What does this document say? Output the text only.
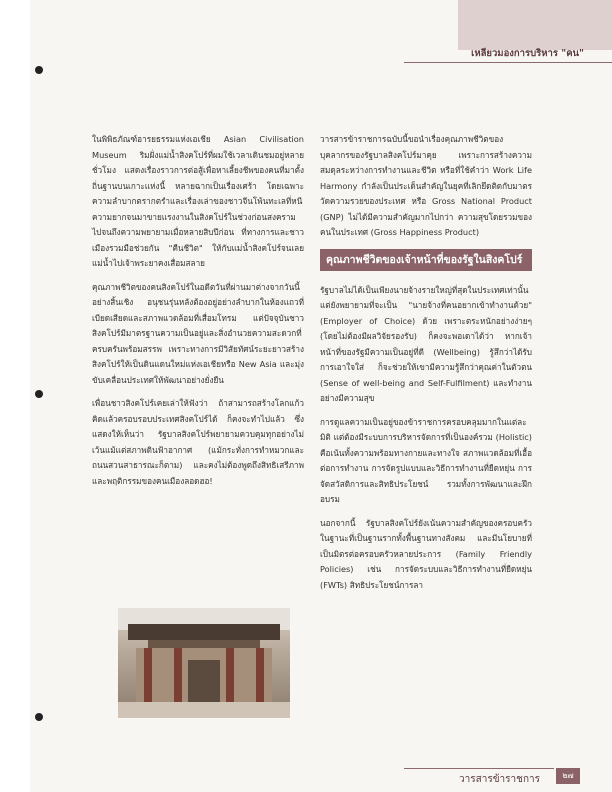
เหลียวมองการบริหาร "คน"

ในพิพิธภัณฑ์อารยธรรมแห่งเอเชีย Asian Civilisation Museum ริมฝั่งแม่น้ำสิงคโปร์ที่ผมใช้เวลาเดินชมอยู่หลายชั่วโมง แสดงเรื่องราวการต่อสู้เพื่อหาเลี้ยงชีพของคนที่มาตั้งถิ่นฐานบนเกาะแห่งนี้ หลายฉากเป็นเรื่องเศร้า โดยเฉพาะความลำบากตรากตรำและเรื่องเล่าของชาวจีนโพ้นทะเลที่หนีความยากจนมาขายแรงงานในสิงคโปร์ในช่วงก่อนสงคราม ไปจนถึงความพยายามเมื่อหลายสิบปีก่อน ที่ทางการและชาวเมืองรวมมือช่วยกัน "คืนชีวิต" ให้กับแม่น้ำสิงคโปร์จนเลยแม่น้ำไปเจ้าพระยาคงเสื่อมสลาย

คุณภาพชีวิตของคนสิงคโปร์ในอดีตวันที่ผ่านมาต่างจากวันนี้อย่างสิ้นเชิง อนุชนรุ่นหลังต้องอยู่อย่างลำบากในห้องแถวที่เบียดเสียดและสภาพแวดล้อมที่เสื่อมโทรม แต่ปัจจุบันชาวสิงคโปร์มีมาตรฐานความเป็นอยู่และสิ่งอำนวยความสะดวกที่ครบครันพร้อมสรรพ เพราะทางการมีวิสัยทัศน์ระยะยาวสร้างสิงคโปร์ให้เป็นดินแดนใหม่แห่งเอเชียหรือ New Asia และมุ่งขับเคลื่อนประเทศให้พัฒนาอย่างยั่งยืน

เพื่อนชาวสิงคโปร์เคยเล่าให้ฟังว่า ถ้าสามารถสร้างโลกแก้วคิดแล้วครอบรอบประเทศสิงคโปร์ได้ ก็คงจะทำไปแล้ว ซึ่งแสดงให้เห็นว่า รัฐบาลสิงคโปร์พยายามควบคุมทุกอย่างไม่เว้นแม้แต่สภาพดินฟ้าอากาศ (แม้กระทั่งการทำหมวกและถนนสวนสาธารณะก็ตาม) และคงไม่ต้องพูดถึงสิทธิเสรีภาพและพฤติกรรมของคนเมืองลอดฮอ!

วารสารข้าราชการฉบับนี้ขอนำเรื่องคุณภาพชีวิตของบุคลากรของรัฐบาลสิงคโปร์มาคุย เพราะการสร้างความสมดุลระหว่างการทำงานและชีวิต หรือที่ใช้คำว่า Work Life Harmony กำลังเป็นประเด็นสำคัญในยุคที่เลิกยึดติดกับมาตรวัดความรวยของประเทศ หรือ Gross National Product (GNP) ไม่ได้มีความสำคัญมากไปกว่า ความสุขโดยรวมของคนในประเทศ (Gross Happiness Product)

คุณภาพชีวิตของเจ้าหน้าที่ของรัฐในสิงคโปร์

รัฐบาลไม่ได้เป็นเพียงนายจ้างรายใหญ่ที่สุดในประเทศเท่านั้น แต่ยังพยายามที่จะเป็น "นายจ้างที่คนอยากเข้าทำงานด้วย" (Employer of Choice) ด้วย เพราะตระหนักอย่างง่ายๆ (โดยไม่ต้องมีผลวิจัยรองรับ) ก็คงจะพอเดาได้ว่า หากเจ้าหน้าที่ของรัฐมีความเป็นอยู่ที่ดี (Wellbeing) รู้สึกว่าได้รับการเอาใจใส่ ก็จะช่วยให้เขามีความรู้สึกว่าคุณค่าในตัวตน (Sense of well-being and Self-Fulfilment) และทำงานอย่างมีความสุข

การดูแลความเป็นอยู่ของข้าราชการครอบคลุมมากในแต่ละมิติ แต่ต้องมีระบบการบริหารจัดการที่เป็นองค์รวม (Holistic) คือเน้นทั้งความพร้อมทางกายและทางใจ สภาพแวดล้อมที่เอื้อต่อการทำงาน การจัดรูปแบบและวิธีการทำงานที่ยืดหยุ่น การจัดสวัสดิการและสิทธิประโยชน์ รวมทั้งการพัฒนาและฝึกอบรม

นอกจากนี้ รัฐบาลสิงคโปร์ยังเน้นความสำคัญของครอบครัวในฐานะที่เป็นฐานรากทั้งพื้นฐานทางสังคม และมีนโยบายที่เป็นมิตรต่อครอบครัวหลายประการ (Family Friendly Policies) เช่น การจัดระบบและวิธีการทำงานที่ยืดหยุ่น (FWTs) สิทธิประโยชน์การลา

วารสารข้าราชการ	๒๗
